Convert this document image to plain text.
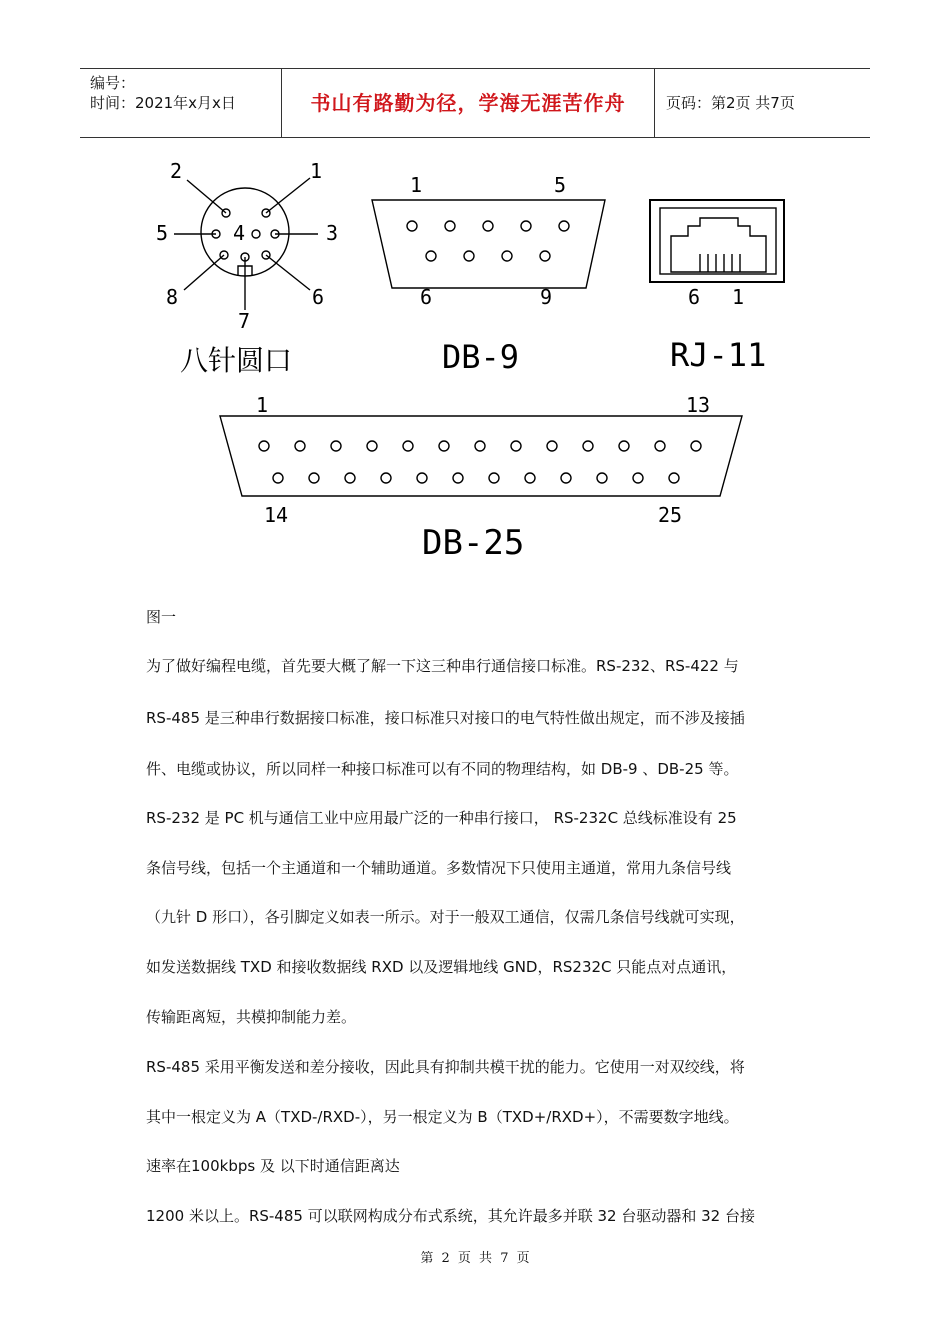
编号：
时间：2021年x月x日	书山有路勤为径，学海无涯苦作舟	页码：第2页 共7页
2	1
5	4	3
8	6
7
八针圆口
1	5
6	9
DB-9
6 1
RJ-11
1	13
14	25
DB-25
图一
为了做好编程电缆，首先要大概了解一下这三种串行通信接口标准。RS-232、RS-422 与
RS-485 是三种串行数据接口标准，接口标准只对接口的电气特性做出规定，而不涉及接插
件、电缆或协议，所以同样一种接口标准可以有不同的物理结构，如 DB-9 、DB-25 等。
RS-232 是 PC 机与通信工业中应用最广泛的一种串行接口， RS-232C 总线标准设有 25
条信号线，包括一个主通道和一个辅助通道。多数情况下只使用主通道，常用九条信号线
（九针 D 形口），各引脚定义如表一所示。对于一般双工通信，仅需几条信号线就可实现，
如发送数据线 TXD 和接收数据线 RXD 以及逻辑地线 GND，RS232C 只能点对点通讯，
传输距离短，共模抑制能力差。
RS-485 采用平衡发送和差分接收，因此具有抑制共模干扰的能力。它使用一对双绞线，将
其中一根定义为 A（TXD-/RXD-），另一根定义为 B（TXD+/RXD+），不需要数字地线。
速率在100kbps 及 以下时通信距离达
1200 米以上。RS-485 可以联网构成分布式系统，其允许最多并联 32 台驱动器和 32 台接
第 2 页 共 7 页
